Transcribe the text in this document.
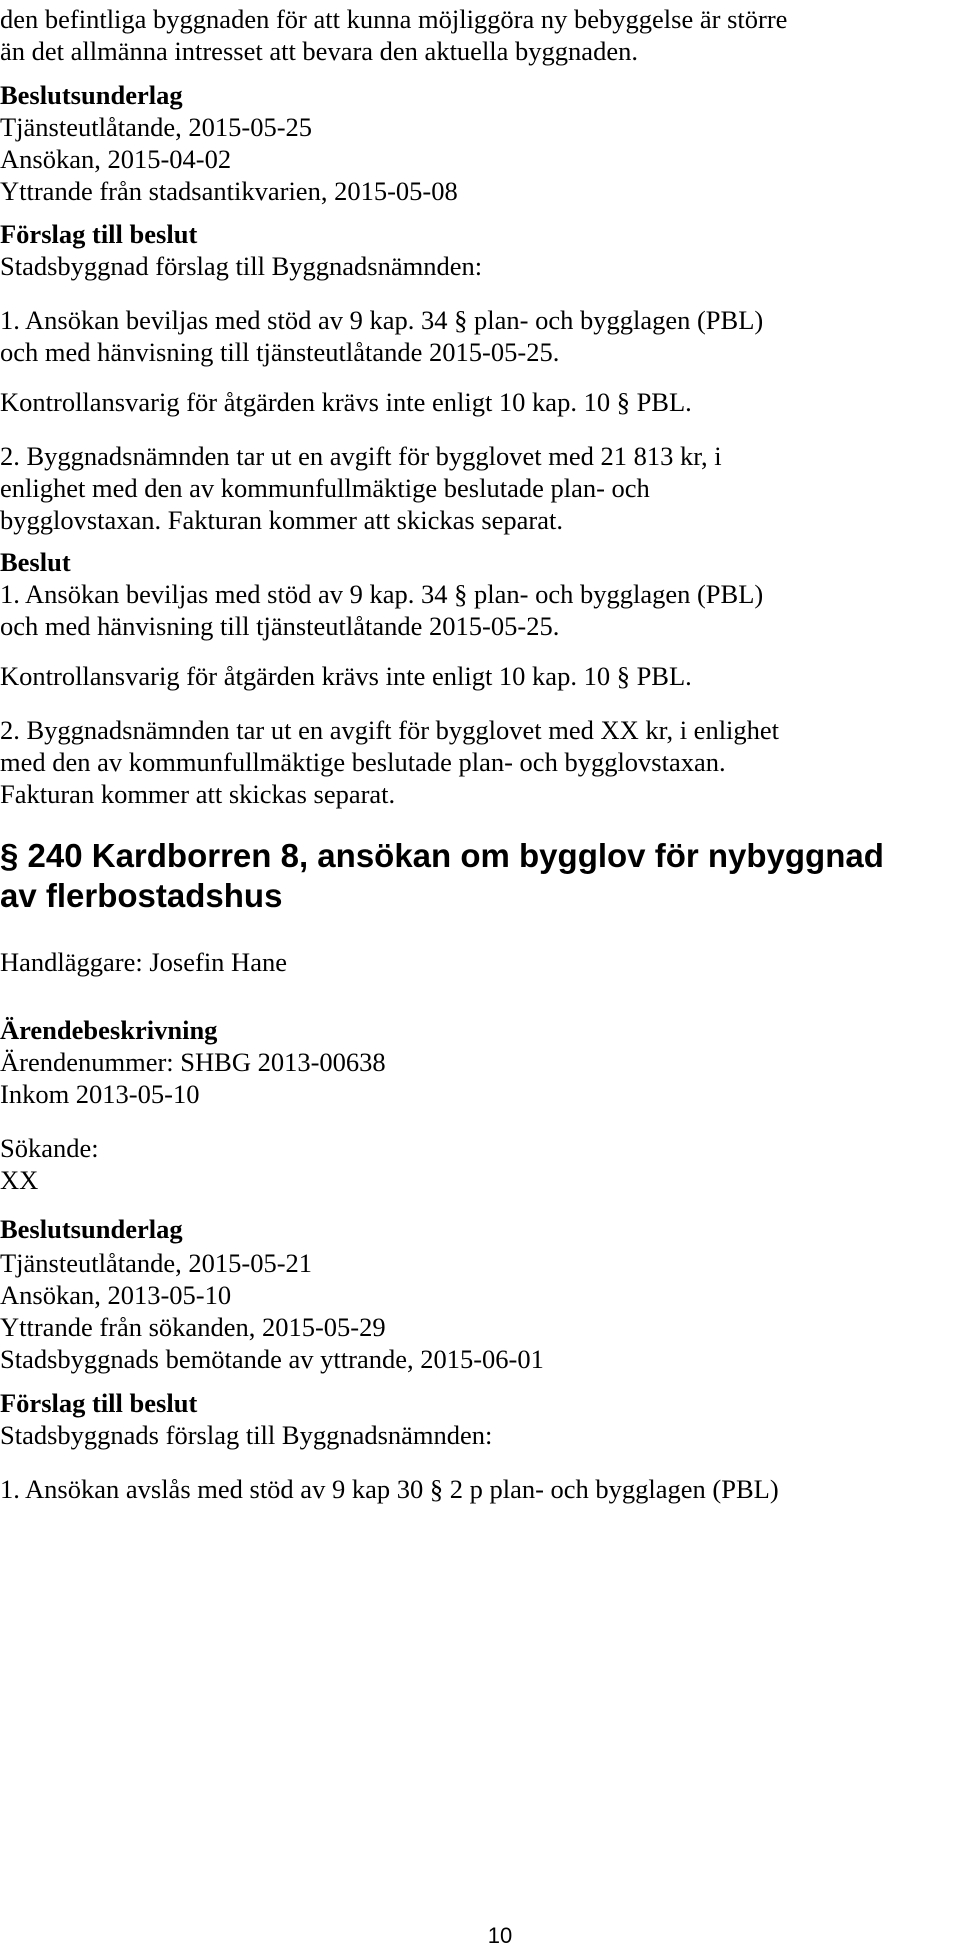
den befintliga byggnaden för att kunna möjliggöra ny bebyggelse är större
än det allmänna intresset att bevara den aktuella byggnaden.
Beslutsunderlag
Tjänsteutlåtande, 2015-05-25
Ansökan, 2015-04-02
Yttrande från stadsantikvarien, 2015-05-08
Förslag till beslut
Stadsbyggnad förslag till Byggnadsnämnden:
1. Ansökan beviljas med stöd av 9 kap. 34 § plan- och bygglagen (PBL)
och med hänvisning till tjänsteutlåtande 2015-05-25.
Kontrollansvarig för åtgärden krävs inte enligt 10 kap. 10 § PBL.
2. Byggnadsnämnden tar ut en avgift för bygglovet med 21 813 kr, i
enlighet med den av kommunfullmäktige beslutade plan- och
bygglovstaxan. Fakturan kommer att skickas separat.
Beslut
1. Ansökan beviljas med stöd av 9 kap. 34 § plan- och bygglagen (PBL)
och med hänvisning till tjänsteutlåtande 2015-05-25.
Kontrollansvarig för åtgärden krävs inte enligt 10 kap. 10 § PBL.
2. Byggnadsnämnden tar ut en avgift för bygglovet med XX kr, i enlighet
med den av kommunfullmäktige beslutade plan- och bygglovstaxan.
Fakturan kommer att skickas separat.
§ 240 Kardborren 8, ansökan om bygglov för nybyggnad
av flerbostadshus
Handläggare: Josefin Hane
Ärendebeskrivning
Ärendenummer: SHBG 2013-00638
Inkom 2013-05-10
Sökande:
XX
Beslutsunderlag
Tjänsteutlåtande, 2015-05-21
Ansökan, 2013-05-10
Yttrande från sökanden, 2015-05-29
Stadsbyggnads bemötande av yttrande, 2015-06-01
Förslag till beslut
Stadsbyggnads förslag till Byggnadsnämnden:
1. Ansökan avslås med stöd av 9 kap 30 § 2 p plan- och bygglagen (PBL)
10
